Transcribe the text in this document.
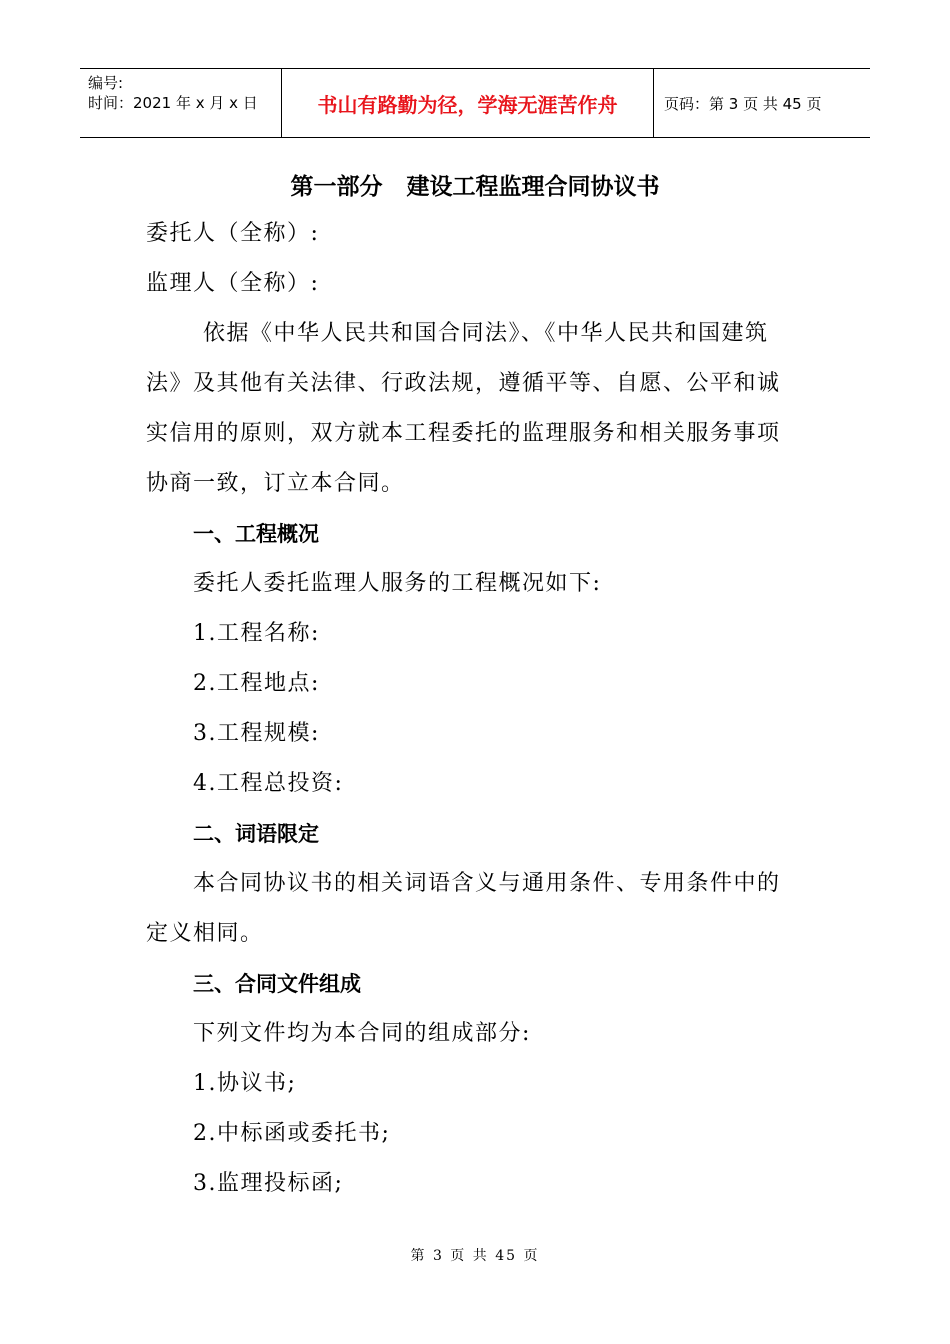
编号:
时间：2021 年 x 月 x 日	书山有路勤为径，学海无涯苦作舟	页码：第 3 页 共 45 页
第一部分   建设工程监理合同协议书
委托人（全称）:
监理人（全称）:
依据《中华人民共和国合同法》、《中华人民共和国建筑
法》及其他有关法律、行政法规，遵循平等、自愿、公平和诚
实信用的原则，双方就本工程委托的监理服务和相关服务事项
协商一致，订立本合同。
一、工程概况
委托人委托监理人服务的工程概况如下:
1.工程名称:
2.工程地点:
3.工程规模:
4.工程总投资:
二、词语限定
本合同协议书的相关词语含义与通用条件、专用条件中的
定义相同。
三、合同文件组成
下列文件均为本合同的组成部分:
1.协议书;
2.中标函或委托书;
3.监理投标函;
第 3 页 共 45 页
